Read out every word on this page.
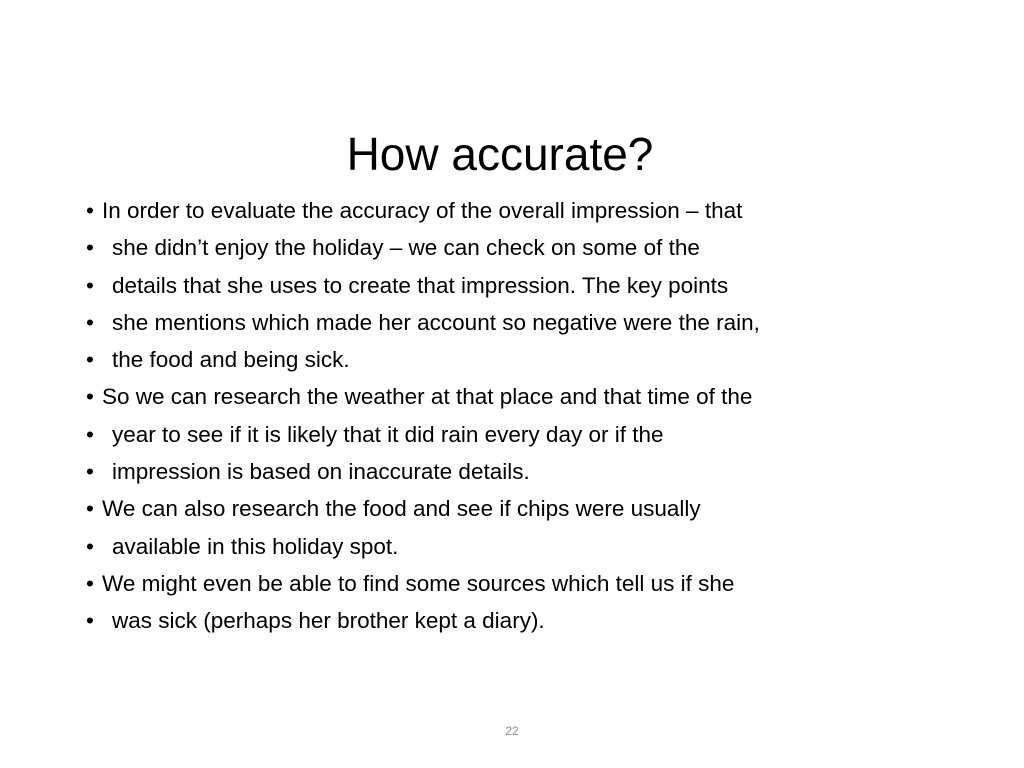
How accurate?
• In order to evaluate the accuracy of the overall impression – that
• she didn’t enjoy the holiday – we can check on some of the
• details that she uses to create that impression. The key points
• she mentions which made her account so negative were the rain,
• the food and being sick.
• So we can research the weather at that place and that time of the
• year to see if it is likely that it did rain every day or if the
• impression is based on inaccurate details.
• We can also research the food and see if chips were usually
• available in this holiday spot.
• We might even be able to find some sources which tell us if she
• was sick (perhaps her brother kept a diary).
22
